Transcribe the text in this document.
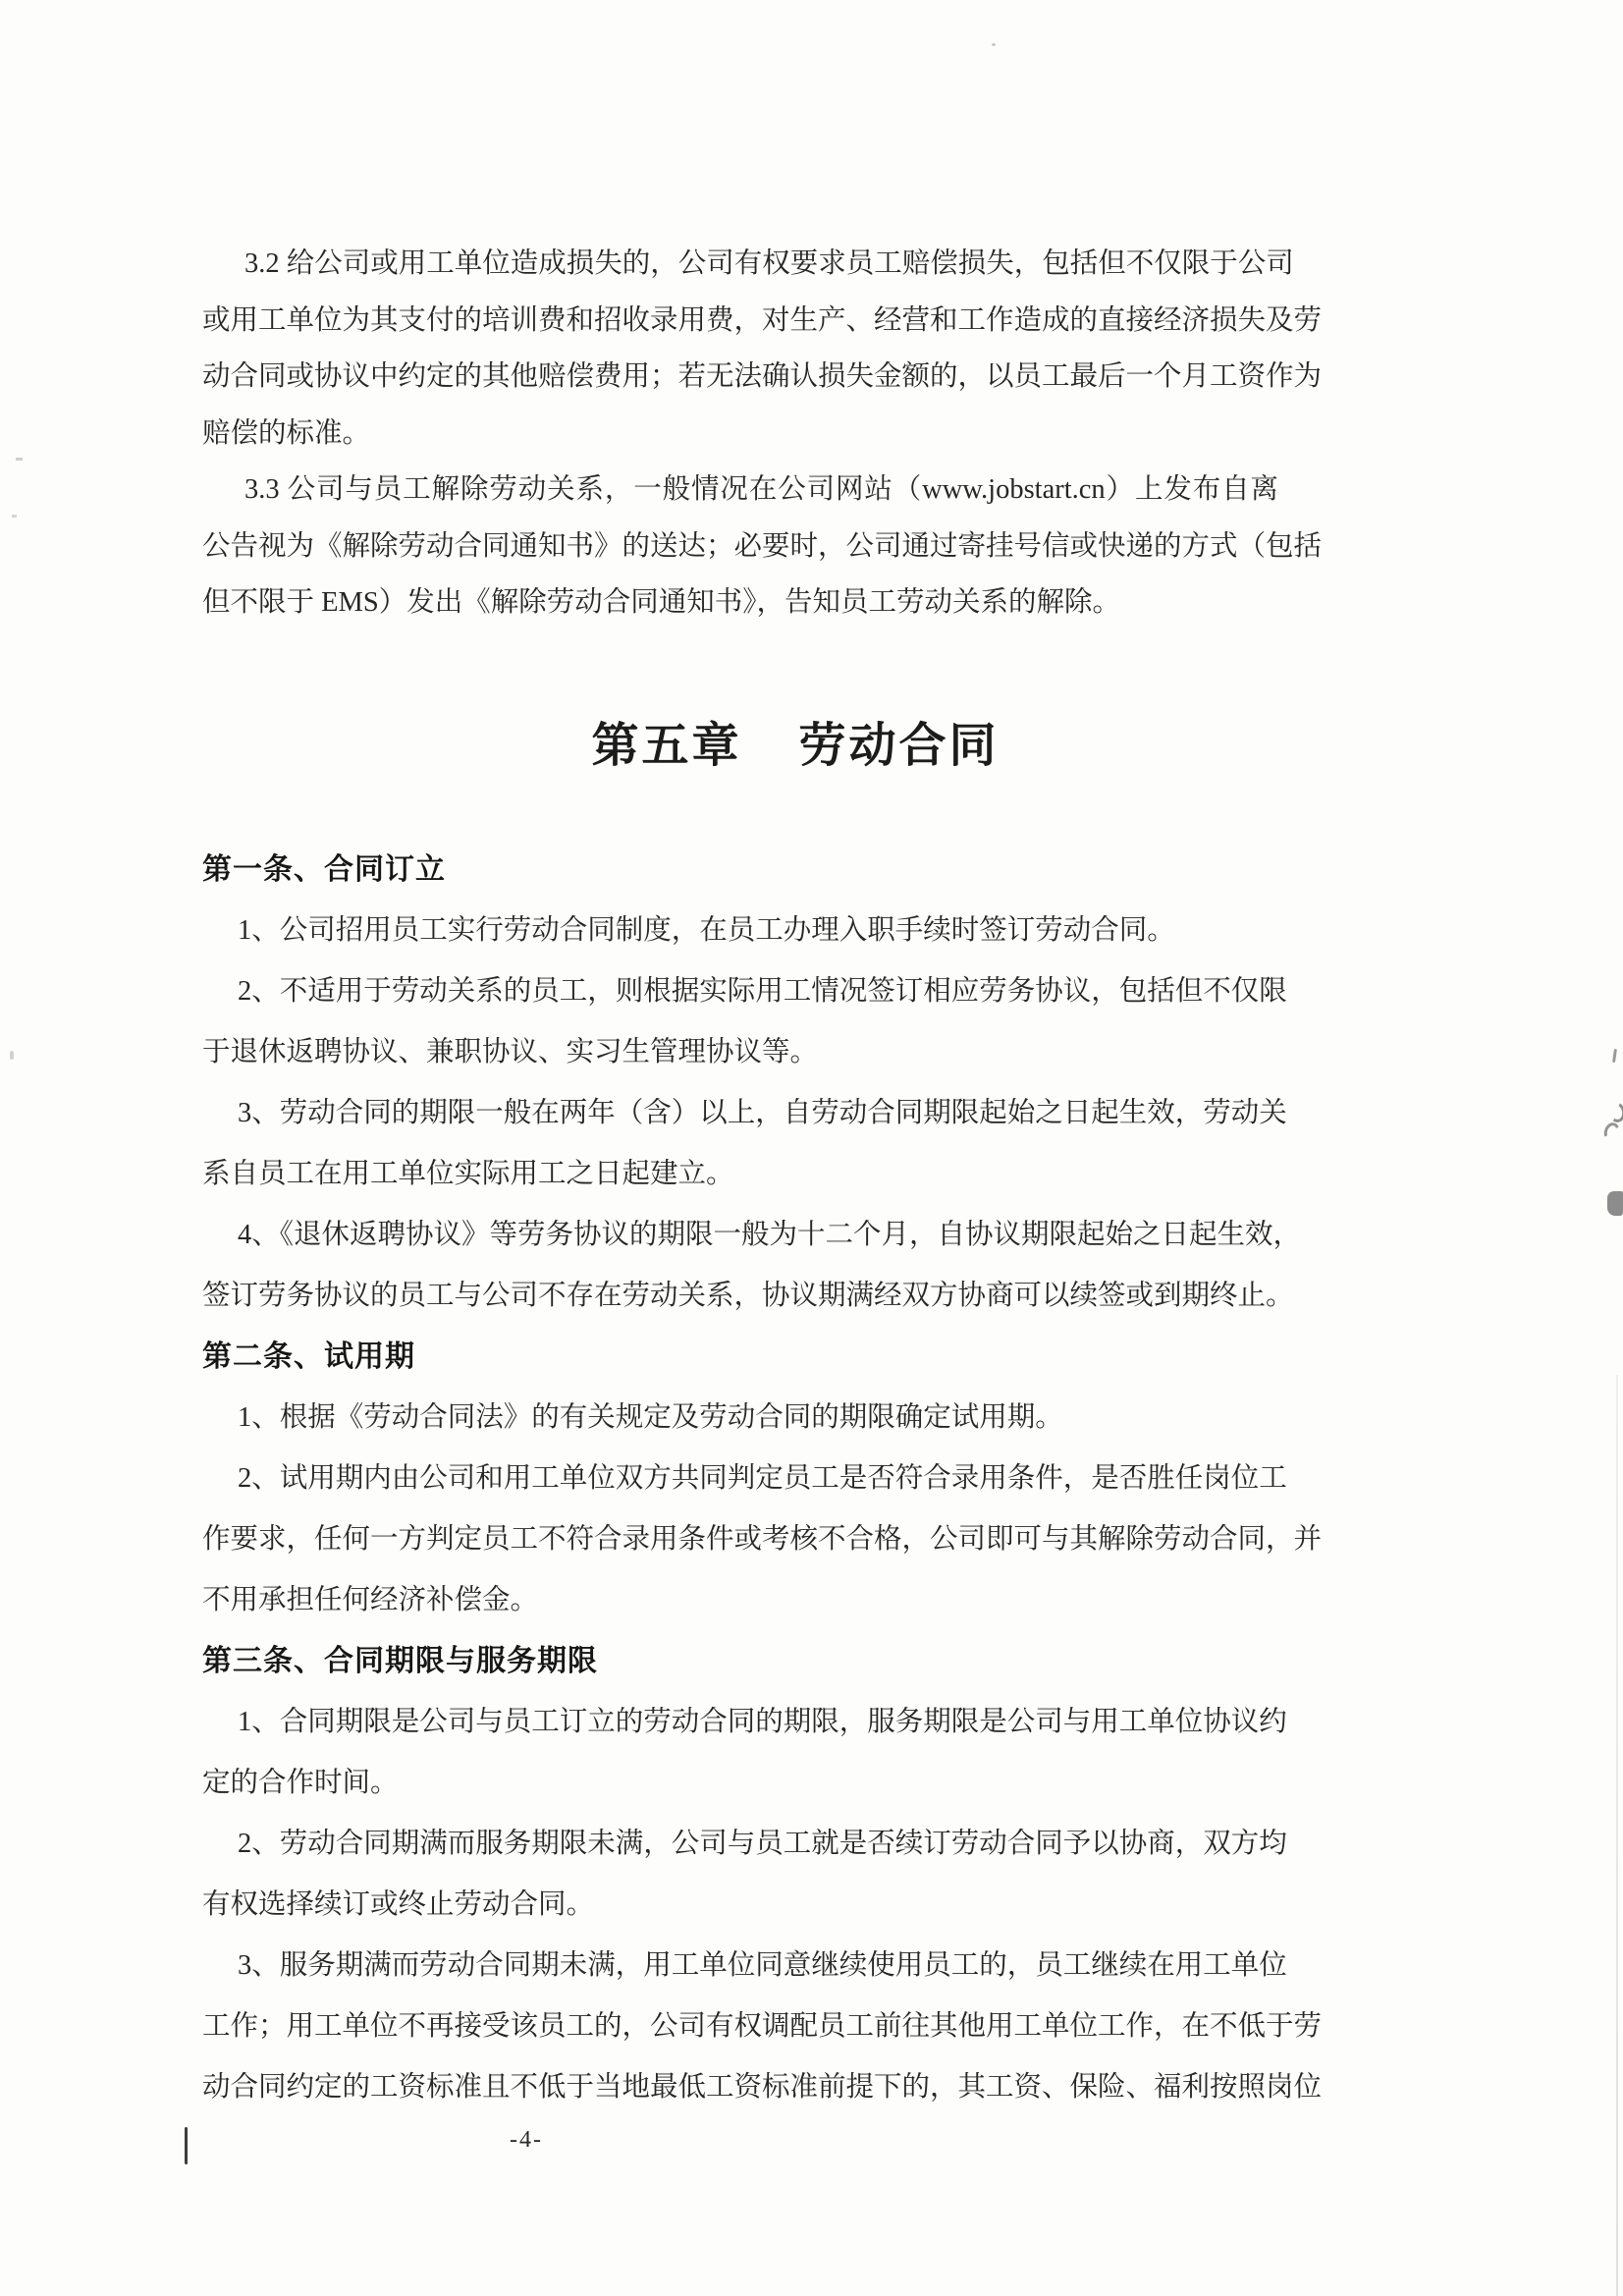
3.2 给公司或用工单位造成损失的，公司有权要求员工赔偿损失，包括但不仅限于公司
或用工单位为其支付的培训费和招收录用费，对生产、经营和工作造成的直接经济损失及劳
动合同或协议中约定的其他赔偿费用；若无法确认损失金额的，以员工最后一个月工资作为
赔偿的标准。
3.3 公司与员工解除劳动关系，一般情况在公司网站（www.jobstart.cn）上发布自离
公告视为《解除劳动合同通知书》的送达；必要时，公司通过寄挂号信或快递的方式（包括
但不限于 EMS）发出《解除劳动合同通知书》，告知员工劳动关系的解除。
第五章 劳动合同
第一条、合同订立
1、公司招用员工实行劳动合同制度，在员工办理入职手续时签订劳动合同。
2、不适用于劳动关系的员工，则根据实际用工情况签订相应劳务协议，包括但不仅限
于退休返聘协议、兼职协议、实习生管理协议等。
3、劳动合同的期限一般在两年（含）以上，自劳动合同期限起始之日起生效，劳动关
系自员工在用工单位实际用工之日起建立。
4、《退休返聘协议》等劳务协议的期限一般为十二个月，自协议期限起始之日起生效，
签订劳务协议的员工与公司不存在劳动关系，协议期满经双方协商可以续签或到期终止。
第二条、试用期
1、根据《劳动合同法》的有关规定及劳动合同的期限确定试用期。
2、试用期内由公司和用工单位双方共同判定员工是否符合录用条件，是否胜任岗位工
作要求，任何一方判定员工不符合录用条件或考核不合格，公司即可与其解除劳动合同，并
不用承担任何经济补偿金。
第三条、合同期限与服务期限
1、合同期限是公司与员工订立的劳动合同的期限，服务期限是公司与用工单位协议约
定的合作时间。
2、劳动合同期满而服务期限未满，公司与员工就是否续订劳动合同予以协商，双方均
有权选择续订或终止劳动合同。
3、服务期满而劳动合同期未满，用工单位同意继续使用员工的，员工继续在用工单位
工作；用工单位不再接受该员工的，公司有权调配员工前往其他用工单位工作，在不低于劳
动合同约定的工资标准且不低于当地最低工资标准前提下的，其工资、保险、福利按照岗位
-4-
